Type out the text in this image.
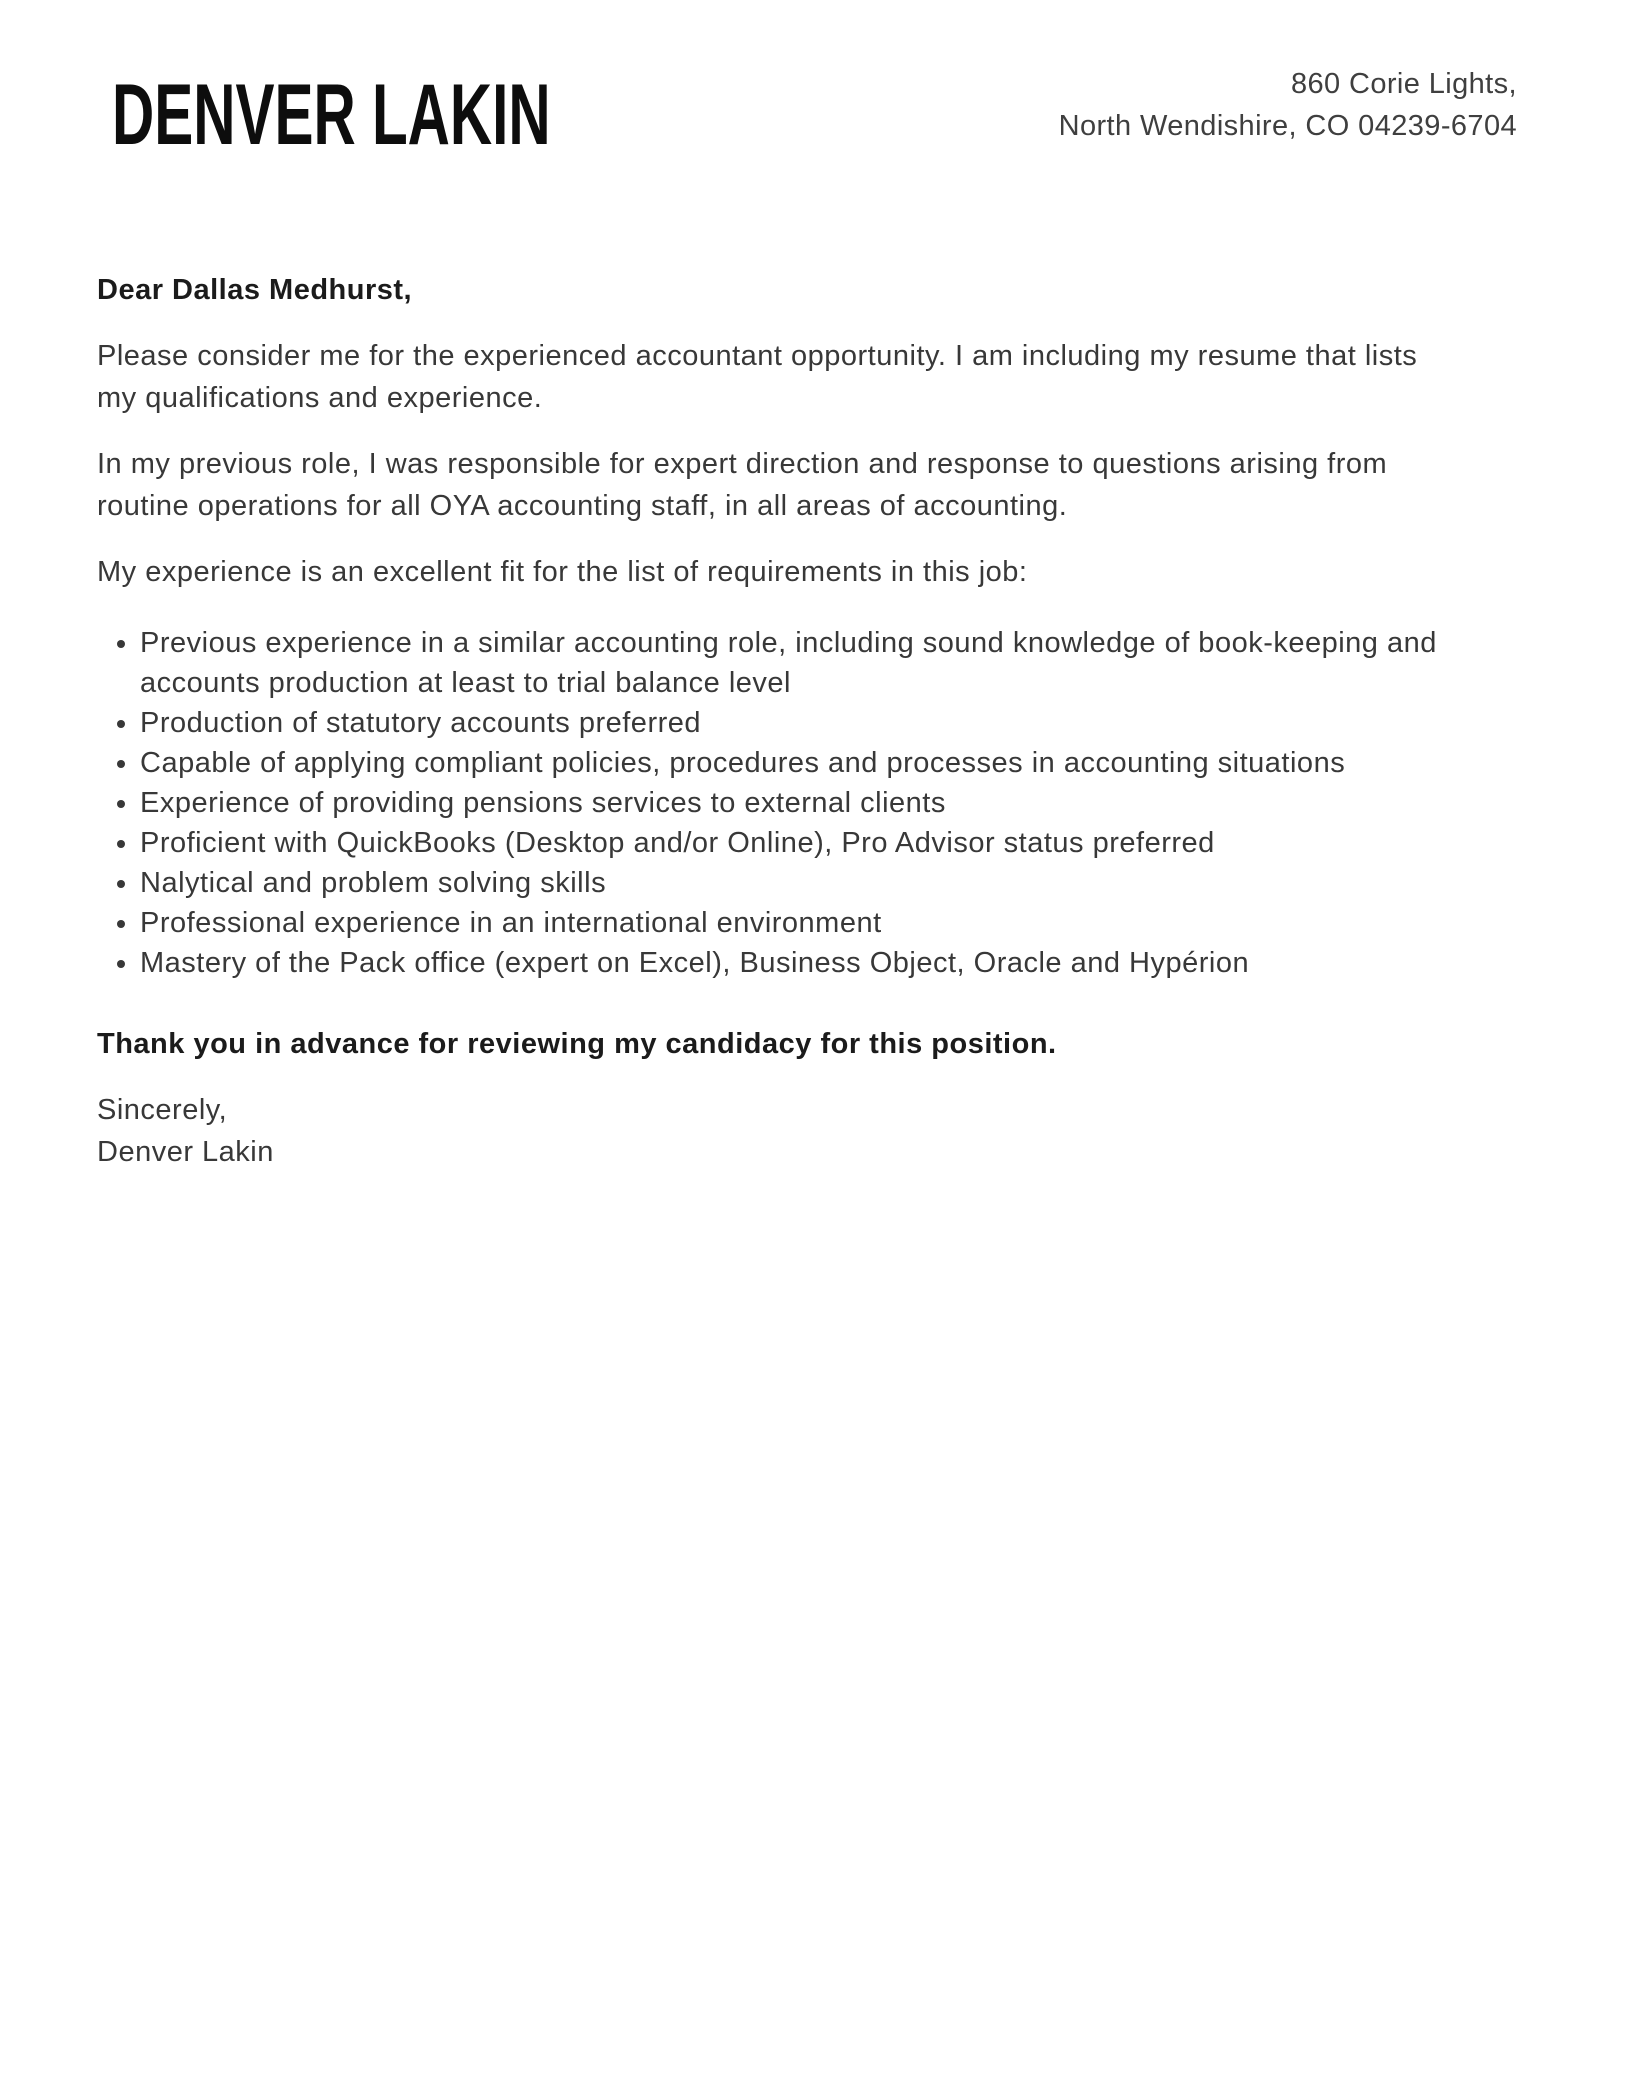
DENVER LAKIN	860 Corie Lights,
North Wendishire, CO 04239-6704

Dear Dallas Medhurst,

Please consider me for the experienced accountant opportunity. I am including my resume that lists
my qualifications and experience.

In my previous role, I was responsible for expert direction and response to questions arising from
routine operations for all OYA accounting staff, in all areas of accounting.

My experience is an excellent fit for the list of requirements in this job:

• Previous experience in a similar accounting role, including sound knowledge of book-keeping and
accounts production at least to trial balance level
• Production of statutory accounts preferred
• Capable of applying compliant policies, procedures and processes in accounting situations
• Experience of providing pensions services to external clients
• Proficient with QuickBooks (Desktop and/or Online), Pro Advisor status preferred
• Nalytical and problem solving skills
• Professional experience in an international environment
• Mastery of the Pack office (expert on Excel), Business Object, Oracle and Hypérion

Thank you in advance for reviewing my candidacy for this position.

Sincerely,

Denver Lakin
